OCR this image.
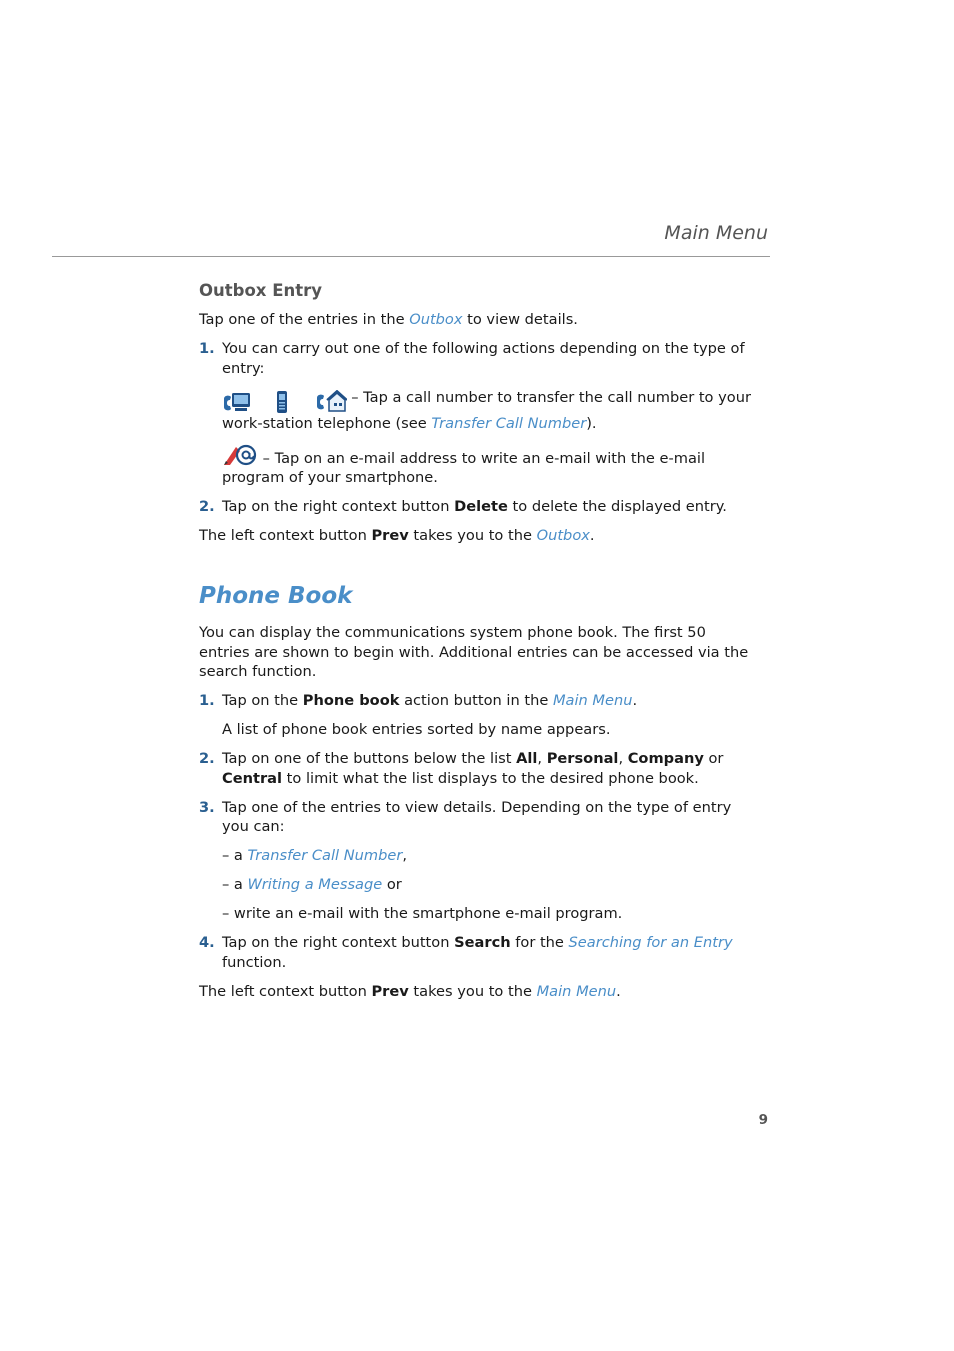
Main Menu
Outbox Entry

Tap one of the entries in the Outbox to view details.

1. You can carry out one of the following actions depending on the type of entry:
– Tap a call number to transfer the call number to your work-station telephone (see Transfer Call Number).
– Tap on an e-mail address to write an e-mail with the e-mail program of your smartphone.
2. Tap on the right context button Delete to delete the displayed entry.

The left context button Prev takes you to the Outbox.

Phone Book

You can display the communications system phone book. The first 50 entries are shown to begin with. Additional entries can be accessed via the search function.

1. Tap on the Phone book action button in the Main Menu.

A list of phone book entries sorted by name appears.

2. Tap on one of the buttons below the list All, Personal, Company or Central to limit what the list displays to the desired phone book.
3. Tap one of the entries to view details. Depending on the type of entry you can:

– a Transfer Call Number,

– a Writing a Message or

– write an e-mail with the smartphone e-mail program.

4. Tap on the right context button Search for the Searching for an Entry function.

The left context button Prev takes you to the Main Menu.

9
